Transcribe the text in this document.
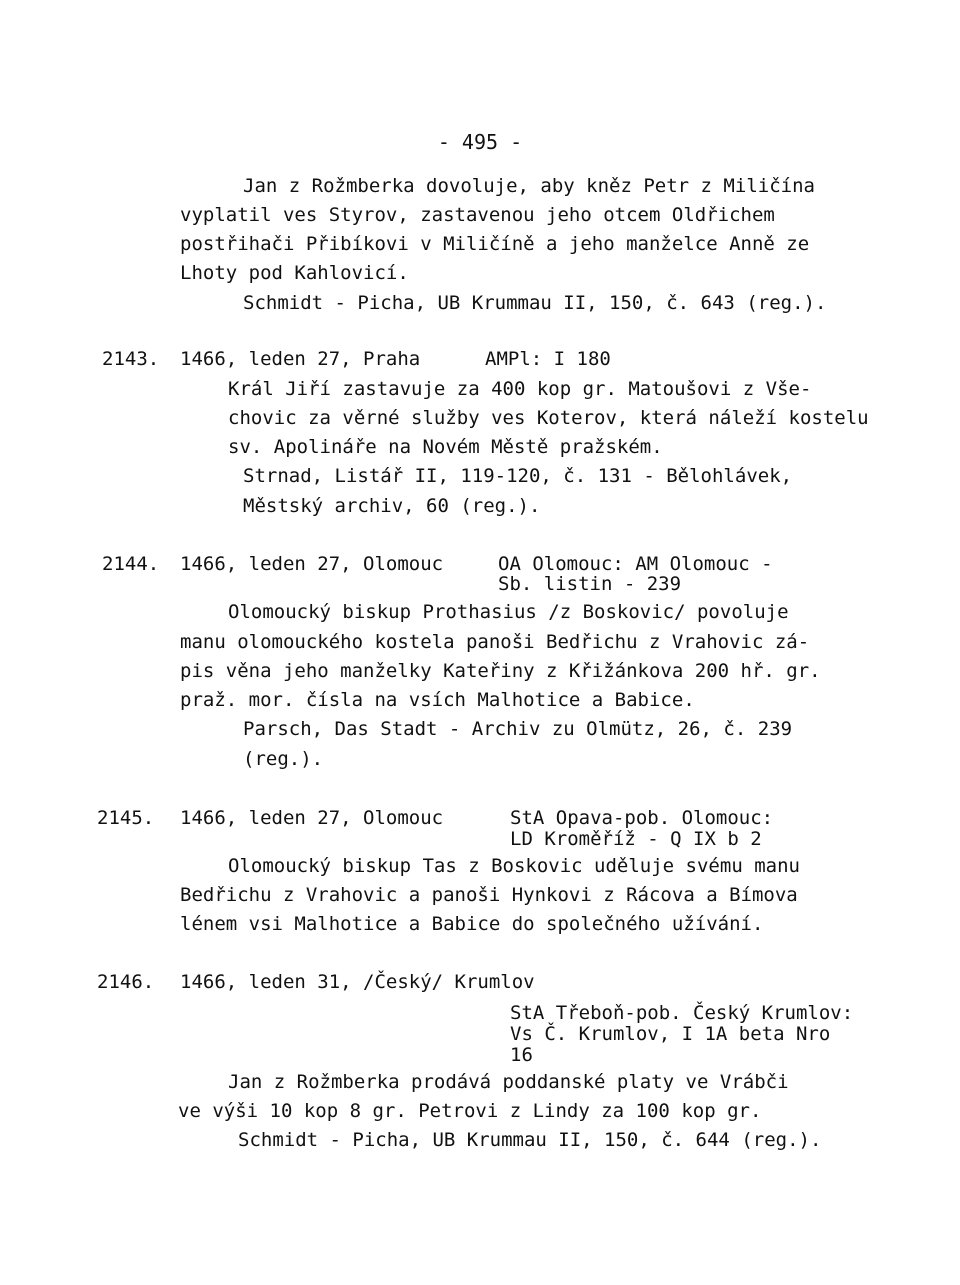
- 495 -
Jan z Rožmberka dovoluje, aby kněz Petr z Miličína
vyplatil ves Styrov, zastavenou jeho otcem Oldřichem
postřihači Přibíkovi v Miličíně a jeho manželce Anně ze
Lhoty pod Kahlovicí.
Schmidt - Picha, UB Krummau II, 150, č. 643 (reg.).
2143. 1466, leden 27, Praha	AMPl: I 180
Král Jiří zastavuje za 400 kop gr. Matoušovi z Vše-
chovic za věrné služby ves Koterov, která náleží kostelu
sv. Apolináře na Novém Městě pražském.
Strnad, Listář II, 119-120, č. 131 - Bělohlávek,
Městský archiv, 60 (reg.).
2144. 1466, leden 27, Olomouc	OA Olomouc: AM Olomouc -
Sb. listin - 239
Olomoucký biskup Prothasius /z Boskovic/ povoluje
manu olomouckého kostela panoši Bedřichu z Vrahovic zá-
pis věna jeho manželky Kateřiny z Křižánkova 200 hř. gr.
praž. mor. čísla na vsích Malhotice a Babice.
Parsch, Das Stadt - Archiv zu Olmütz, 26, č. 239
(reg.).
2145. 1466, leden 27, Olomouc	StA Opava-pob. Olomouc:
LD Kroměříž - Q IX b 2
Olomoucký biskup Tas z Boskovic uděluje svému manu
Bedřichu z Vrahovic a panoši Hynkovi z Rácova a Bímova
lénem vsi Malhotice a Babice do společného užívání.
2146. 1466, leden 31, /Český/ Krumlov
StA Třeboň-pob. Český Krumlov:
Vs Č. Krumlov, I 1A beta Nro
16
Jan z Rožmberka prodává poddanské platy ve Vrábči
ve výši 10 kop 8 gr. Petrovi z Lindy za 100 kop gr.
Schmidt - Picha, UB Krummau II, 150, č. 644 (reg.).
